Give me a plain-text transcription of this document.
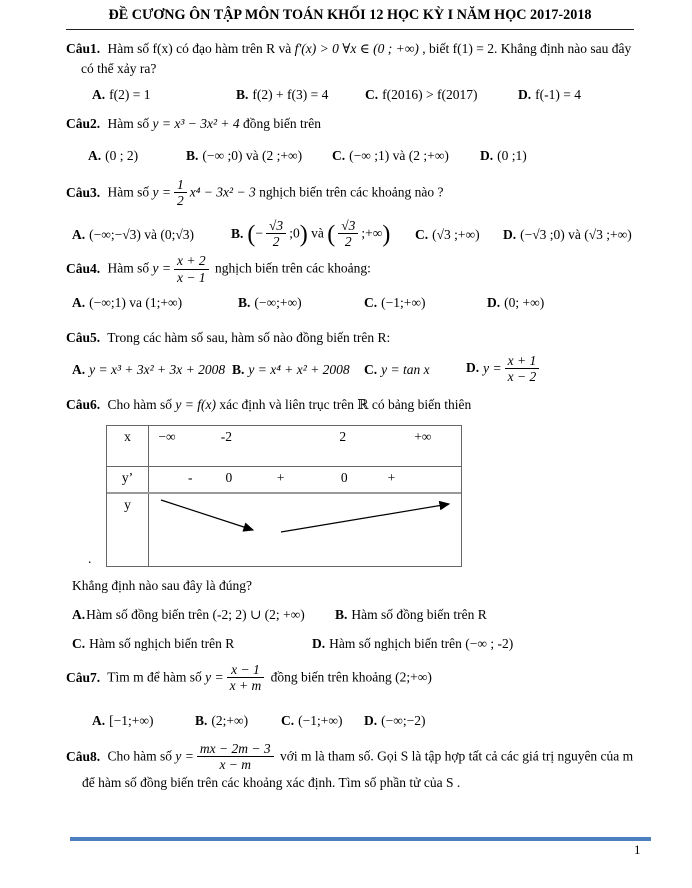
ĐỀ CƯƠNG ÔN TẬP MÔN TOÁN KHỐI 12 HỌC KỲ I NĂM HỌC 2017-2018

Câu1. Hàm số f(x) có đạo hàm trên R và f′(x) > 0 ∀x ∈ (0 ; +∞) , biết f(1) = 2. Khẳng định nào sau đây
có thể xảy ra?

A. f(2) = 1	B. f(2) + f(3) = 4	C. f(2016) > f(2017)	D. f(-1) = 4

Câu2. Hàm số y = x³ − 3x² + 4 đồng biến trên

A. (0 ; 2)	B. (−∞ ;0) và (2 ;+∞)	C. (−∞ ;1) và (2 ;+∞)	D. (0 ;1)

Câu3. Hàm số $y = \frac{1}{2} x^4 - 3x^2 - 3$ nghịch biến trên các khoảng nào ?

A. (−∞;−√3) và (0;√3)	B. (− $\frac{√3}{2}$ ;0) và ( $\frac{√3}{2}$ ;+∞)	C. (√3 ;+∞)	D. (−√3 ;0) và (√3 ;+∞)

Câu4. Hàm số $y = \frac{x + 2}{x - 1}$ nghịch biến trên các khoảng:

A. (−∞;1) va (1;+∞)	B. (−∞;+∞)	C. (−1;+∞)	D. (0; +∞)

Câu5. Trong các hàm số sau, hàm số nào đồng biến trên R:

A. y = x³ + 3x² + 3x + 2008 B. y = x⁴ + x² + 2008	C. y = tan x	D. $y = \frac{x + 1}{x - 2}$

Câu6. Cho hàm số y = f(x) xác định và liên trục trên ℝ có bảng biến thiên

x	−∞	-2	2	+∞
y’	- 0	+	0	+
y
.

Khẳng định nào sau đây là đúng?

A.Hàm số đồng biến trên (-2; 2) ∪ (2; +∞)	B. Hàm số đồng biến trên R
C. Hàm số nghịch biến trên R	D. Hàm số nghịch biến trên (−∞ ; -2)

Câu7. Tìm m để hàm số $y = \frac{x - 1}{x + m}$ đồng biến trên khoảng (2;+∞)

A. [−1;+∞)	B. (2;+∞)	C. (−1;+∞)	D. (−∞;−2)

Câu8. Cho hàm số $y = \frac{mx - 2m - 3}{x - m}$ với m là tham số. Gọi S là tập hợp tất cả các giá trị nguyên của m
để hàm số đồng biến trên các khoảng xác định. Tìm số phần tử của S .

1
